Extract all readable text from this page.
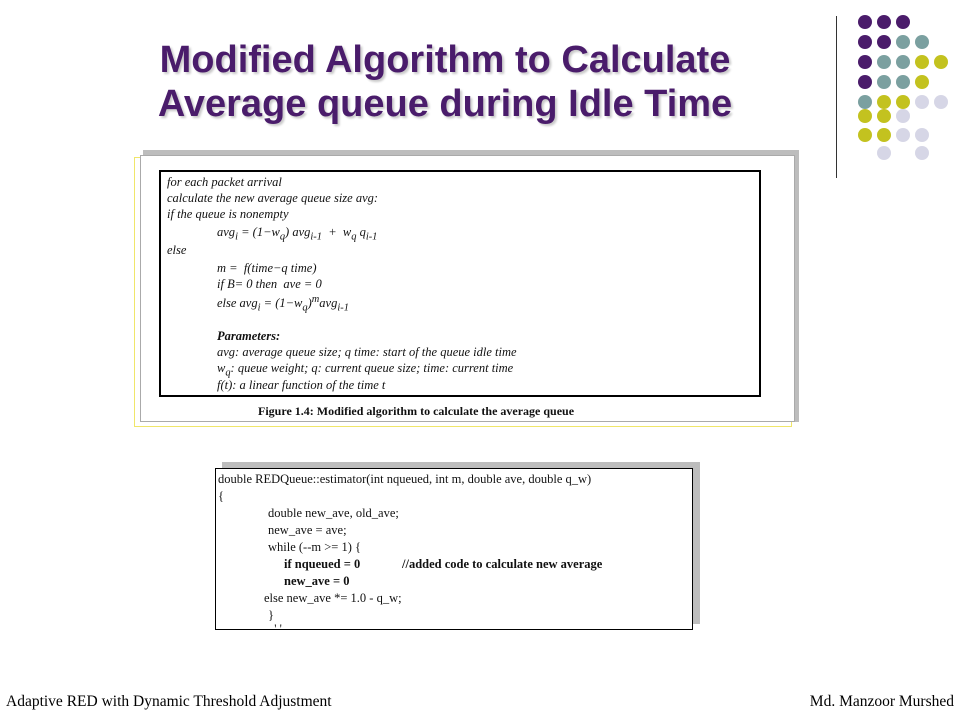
Modified Algorithm to Calculate
Average queue during Idle Time
for each packet arrival
calculate the new average queue size avg:
if the queue is nonempty
$avg_i = (1-w_q) avg_{i-1} + w_q$ $q_{i-1}$
else
m =  f(time−q time)
if B= 0 then  ave = 0
else $avg_i = (1-w_q)^mavg_{i-1}$
Parameters:
avg: average queue size; q time: start of the queue idle time
$w_q$: queue weight; q: current queue size; time: current time
f(t): a linear function of the time t
Figure 1.4: Modified algorithm to calculate the average queue
double REDQueue::estimator(int nqueued, int m, double ave, double q_w)
{
double new_ave, old_ave;
new_ave = ave;
while (--m >= 1) {
if nqueued = 0	//added code to calculate new average
new_ave = 0
else new_ave *= 1.0 - q_w;
}
' '
Adaptive RED with Dynamic Threshold Adjustment	Md. Manzoor Murshed
